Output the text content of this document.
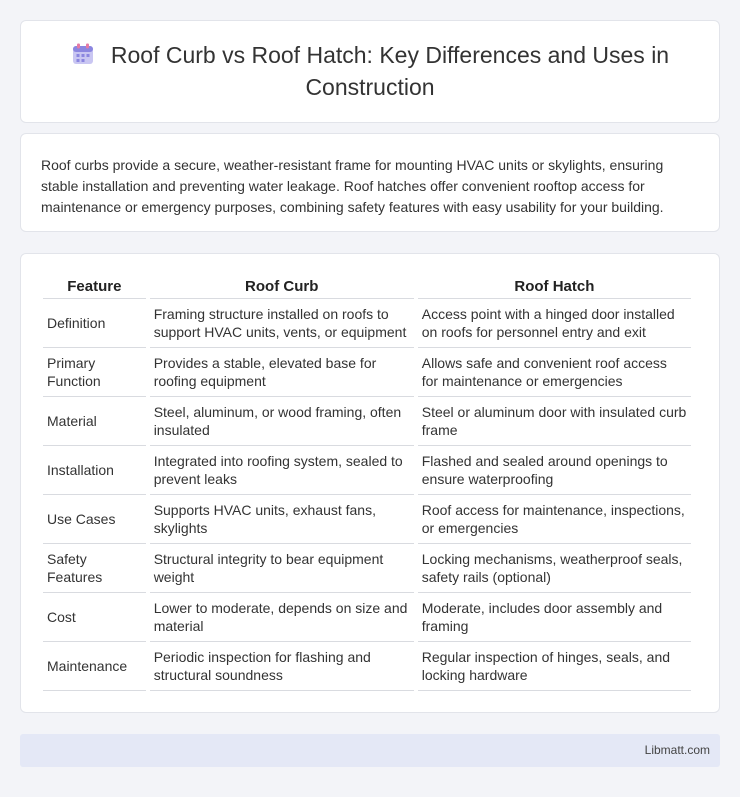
Roof Curb vs Roof Hatch: Key Differences and Uses in Construction

Roof curbs provide a secure, weather-resistant frame for mounting HVAC units or skylights, ensuring stable installation and preventing water leakage. Roof hatches offer convenient rooftop access for maintenance or emergency purposes, combining safety features with easy usability for your building.

Feature	Roof Curb	Roof Hatch
Definition	Framing structure installed on roofs to support HVAC units, vents, or equipment	Access point with a hinged door installed on roofs for personnel entry and exit
Primary Function	Provides a stable, elevated base for roofing equipment	Allows safe and convenient roof access for maintenance or emergencies
Material	Steel, aluminum, or wood framing, often insulated	Steel or aluminum door with insulated curb frame
Installation	Integrated into roofing system, sealed to prevent leaks	Flashed and sealed around openings to ensure waterproofing
Use Cases	Supports HVAC units, exhaust fans, skylights	Roof access for maintenance, inspections, or emergencies
Safety Features	Structural integrity to bear equipment weight	Locking mechanisms, weatherproof seals, safety rails (optional)
Cost	Lower to moderate, depends on size and material	Moderate, includes door assembly and framing
Maintenance	Periodic inspection for flashing and structural soundness	Regular inspection of hinges, seals, and locking hardware
Libmatt.com
